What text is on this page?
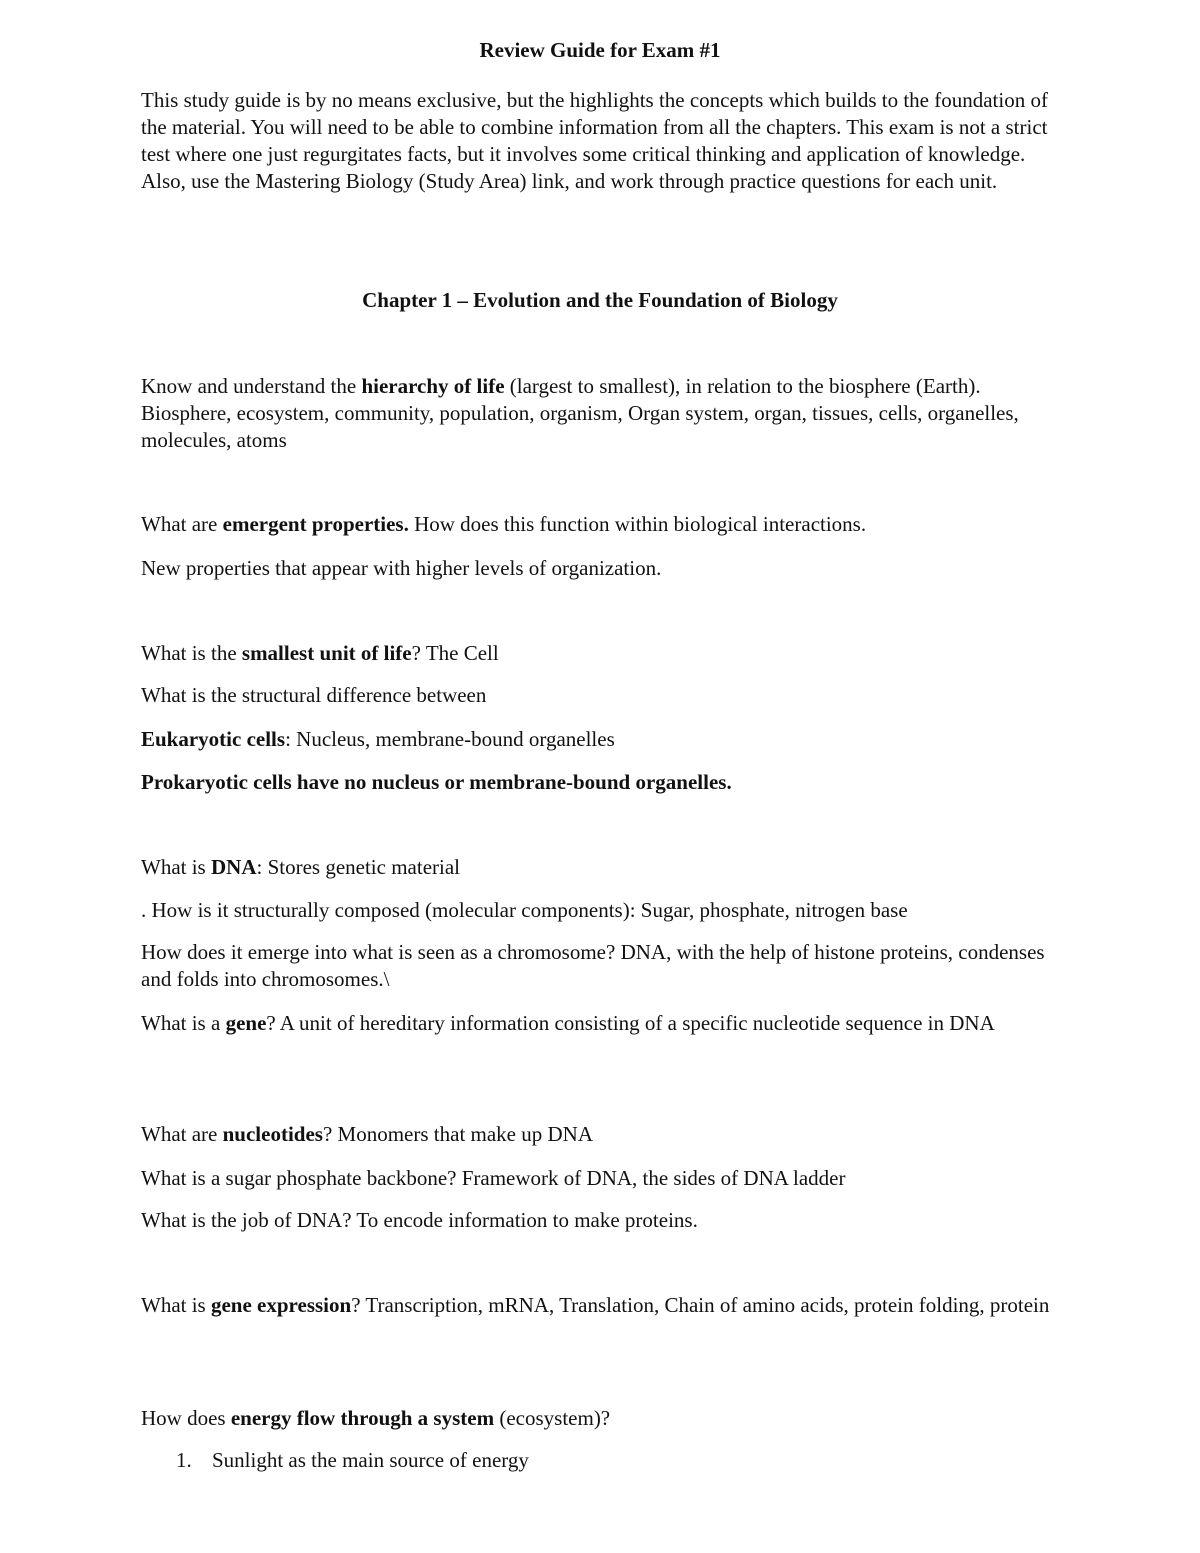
Review Guide for Exam #1

This study guide is by no means exclusive, but the highlights the concepts which builds to the foundation of the material. You will need to be able to combine information from all the chapters. This exam is not a strict test where one just regurgitates facts, but it involves some critical thinking and application of knowledge. Also, use the Mastering Biology (Study Area) link, and work through practice questions for each unit.

Chapter 1 – Evolution and the Foundation of Biology

Know and understand the hierarchy of life (largest to smallest), in relation to the biosphere (Earth). Biosphere, ecosystem, community, population, organism, Organ system, organ, tissues, cells, organelles, molecules, atoms

What are emergent properties. How does this function within biological interactions.

New properties that appear with higher levels of organization.

What is the smallest unit of life? The Cell

What is the structural difference between

Eukaryotic cells: Nucleus, membrane-bound organelles

Prokaryotic cells have no nucleus or membrane-bound organelles.

What is DNA: Stores genetic material

. How is it structurally composed (molecular components): Sugar, phosphate, nitrogen base

How does it emerge into what is seen as a chromosome? DNA, with the help of histone proteins, condenses and folds into chromosomes.\

What is a gene? A unit of hereditary information consisting of a specific nucleotide sequence in DNA

What are nucleotides? Monomers that make up DNA

What is a sugar phosphate backbone? Framework of DNA, the sides of DNA ladder

What is the job of DNA? To encode information to make proteins.

What is gene expression? Transcription, mRNA, Translation, Chain of amino acids, protein folding, protein

How does energy flow through a system (ecosystem)?

1. Sunlight as the main source of energy
